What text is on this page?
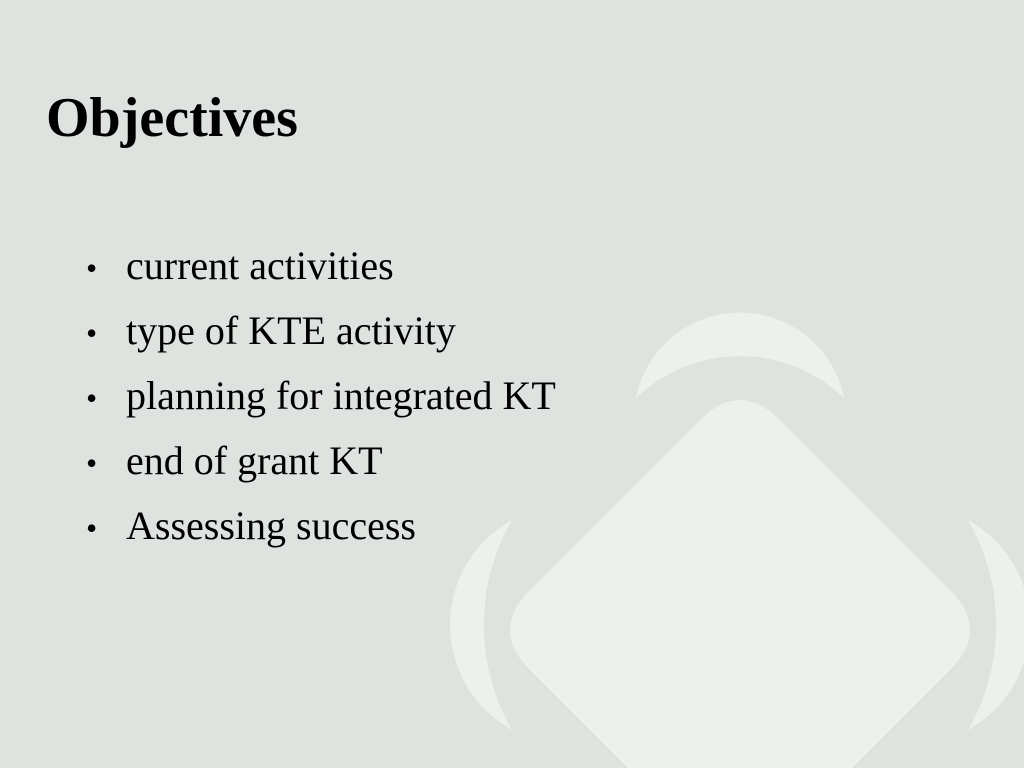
Objectives
• current activities
• type of KTE activity
• planning for integrated KT
• end of grant KT
• Assessing success
